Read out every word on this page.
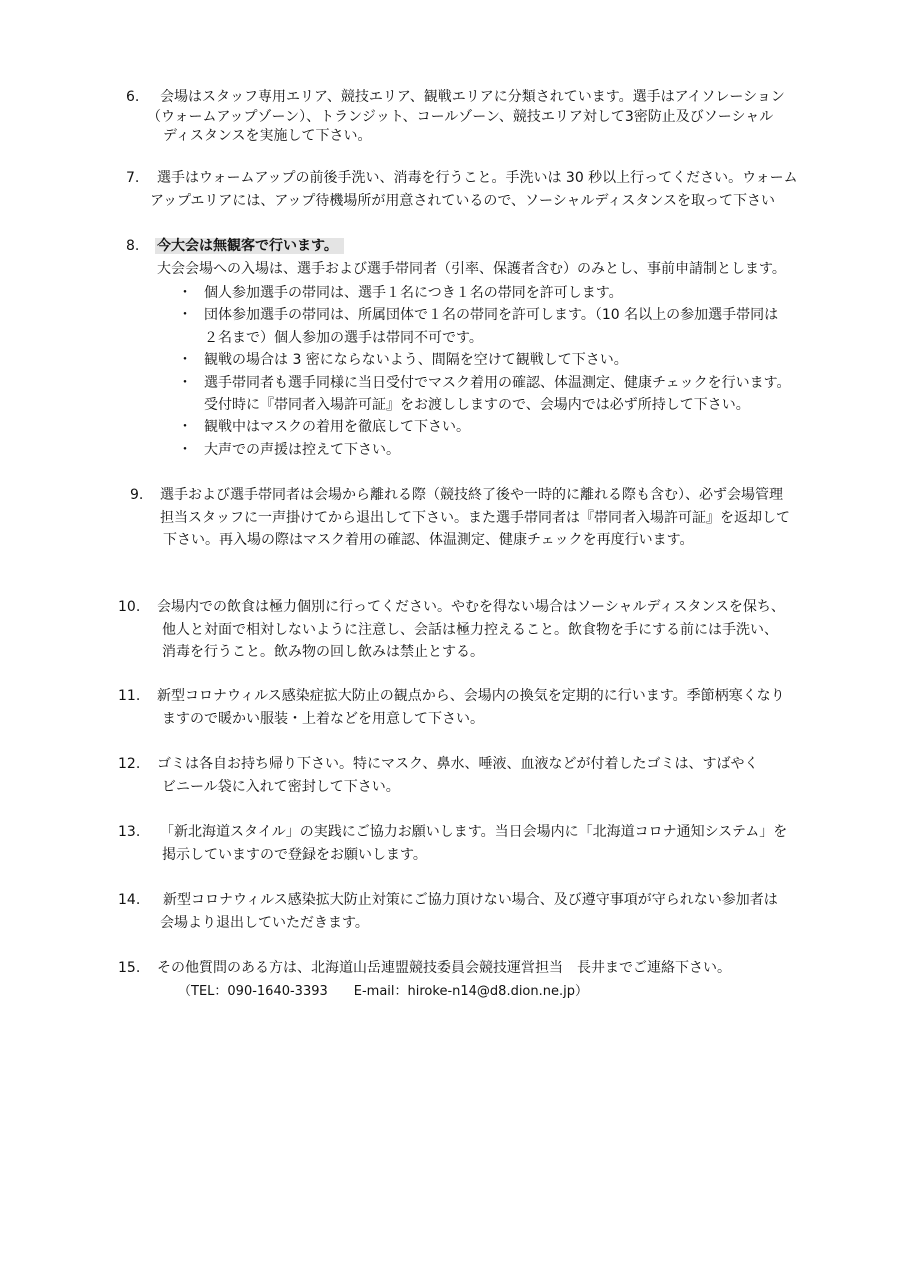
6. 会場はスタッフ専用エリア、競技エリア、観戦エリアに分類されています。選手はアイソレーション

（ウォームアップゾーン）、トランジット、コールゾーン、競技エリア対して3密防止及びソーシャル

ディスタンスを実施して下さい。

7. 選手はウォームアップの前後手洗い、消毒を行うこと。手洗いは 30 秒以上行ってください。ウォーム

アップエリアには、アップ待機場所が用意されているので、ソーシャルディスタンスを取って下さい

8. 今大会は無観客で行います。

大会会場への入場は、選手および選手帯同者（引率、保護者含む）のみとし、事前申請制とします。

・ 個人参加選手の帯同は、選手１名につき１名の帯同を許可します。

・ 団体参加選手の帯同は、所属団体で１名の帯同を許可します。（10 名以上の参加選手帯同は

２名まで）個人参加の選手は帯同不可です。

・ 観戦の場合は 3 密にならないよう、間隔を空けて観戦して下さい。

・ 選手帯同者も選手同様に当日受付でマスク着用の確認、体温測定、健康チェックを行います。

受付時に『帯同者入場許可証』をお渡ししますので、会場内では必ず所持して下さい。

・ 観戦中はマスクの着用を徹底して下さい。

・ 大声での声援は控えて下さい。

9. 選手および選手帯同者は会場から離れる際（競技終了後や一時的に離れる際も含む）、必ず会場管理

担当スタッフに一声掛けてから退出して下さい。また選手帯同者は『帯同者入場許可証』を返却して

下さい。再入場の際はマスク着用の確認、体温測定、健康チェックを再度行います。

10. 会場内での飲食は極力個別に行ってください。やむを得ない場合はソーシャルディスタンスを保ち、

他人と対面で相対しないように注意し、会話は極力控えること。飲食物を手にする前には手洗い、

消毒を行うこと。飲み物の回し飲みは禁止とする。

11. 新型コロナウィルス感染症拡大防止の観点から、会場内の換気を定期的に行います。季節柄寒くなり

ますので暖かい服装・上着などを用意して下さい。

12. ゴミは各自お持ち帰り下さい。特にマスク、鼻水、唾液、血液などが付着したゴミは、すばやく

ビニール袋に入れて密封して下さい。

13. 「新北海道スタイル」の実践にご協力お願いします。当日会場内に「北海道コロナ通知システム」を

掲示していますので登録をお願いします。

14. 新型コロナウィルス感染拡大防止対策にご協力頂けない場合、及び遵守事項が守られない参加者は

会場より退出していただきます。

15. その他質問のある方は、北海道山岳連盟競技委員会競技運営担当　長井までご連絡下さい。

（TEL：090-1640-3393　　E-mail：hiroke-n14@d8.dion.ne.jp）
